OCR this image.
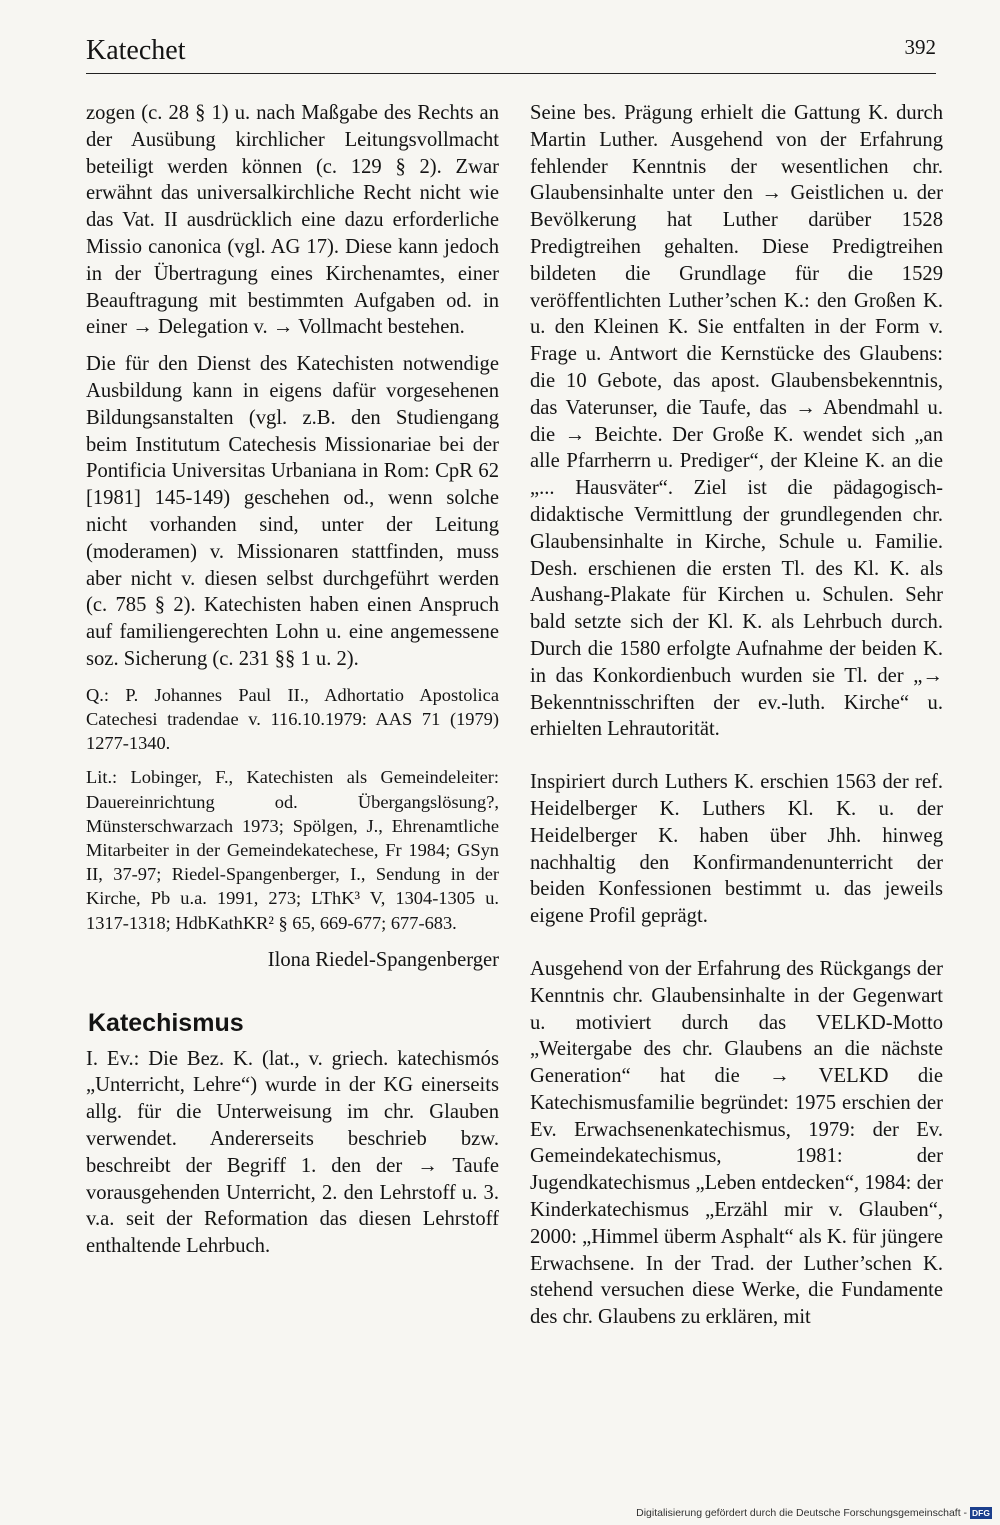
Katechet	392

zogen (c. 28 § 1) u. nach Maßgabe des Rechts an der Ausübung kirchlicher Leitungsvollmacht beteiligt werden können (c. 129 § 2). Zwar erwähnt das universalkirchliche Recht nicht wie das Vat. II ausdrücklich eine dazu erforderliche Missio canonica (vgl. AG 17). Diese kann jedoch in der Übertragung eines Kirchenamtes, einer Beauftragung mit bestimmten Aufgaben od. in einer → Delegation v. → Vollmacht bestehen.

Die für den Dienst des Katechisten notwendige Ausbildung kann in eigens dafür vorgesehenen Bildungsanstalten (vgl. z.B. den Studiengang beim Institutum Catechesis Missionariae bei der Pontificia Universitas Urbaniana in Rom: CpR 62 [1981] 145-149) geschehen od., wenn solche nicht vorhanden sind, unter der Leitung (moderamen) v. Missionaren stattfinden, muss aber nicht v. diesen selbst durchgeführt werden (c. 785 § 2). Katechisten haben einen Anspruch auf familiengerechten Lohn u. eine angemessene soz. Sicherung (c. 231 §§ 1 u. 2).

Q.: P. Johannes Paul II., Adhortatio Apostolica Catechesi tradendae v. 116.10.1979: AAS 71 (1979) 1277-1340.

Lit.: Lobinger, F., Katechisten als Gemeindeleiter: Dauereinrichtung od. Übergangslösung?, Münsterschwarzach 1973; Spölgen, J., Ehrenamtliche Mitarbeiter in der Gemeindekatechese, Fr 1984; GSyn II, 37-97; Riedel-Spangenberger, I., Sendung in der Kirche, Pb u.a. 1991, 273; LThK³ V, 1304-1305 u. 1317-1318; HdbKathKR² § 65, 669-677; 677-683.

Ilona Riedel-Spangenberger

Katechismus

I. Ev.: Die Bez. K. (lat., v. griech. katechismós „Unterricht, Lehre“) wurde in der KG einerseits allg. für die Unterweisung im chr. Glauben verwendet. Andererseits beschrieb bzw. beschreibt der Begriff 1. den der → Taufe vorausgehenden Unterricht, 2. den Lehrstoff u. 3. v.a. seit der Reformation das diesen Lehrstoff enthaltende Lehrbuch.

Seine bes. Prägung erhielt die Gattung K. durch Martin Luther. Ausgehend von der Erfahrung fehlender Kenntnis der wesentlichen chr. Glaubensinhalte unter den → Geistlichen u. der Bevölkerung hat Luther darüber 1528 Predigtreihen gehalten. Diese Predigtreihen bildeten die Grundlage für die 1529 veröffentlichten Luther’schen K.: den Großen K. u. den Kleinen K. Sie entfalten in der Form v. Frage u. Antwort die Kernstücke des Glaubens: die 10 Gebote, das apost. Glaubensbekenntnis, das Vaterunser, die Taufe, das → Abendmahl u. die → Beichte. Der Große K. wendet sich „an alle Pfarrherrn u. Prediger“, der Kleine K. an die „... Hausväter“. Ziel ist die pädagogisch-didaktische Vermittlung der grundlegenden chr. Glaubensinhalte in Kirche, Schule u. Familie. Desh. erschienen die ersten Tl. des Kl. K. als Aushang-Plakate für Kirchen u. Schulen. Sehr bald setzte sich der Kl. K. als Lehrbuch durch. Durch die 1580 erfolgte Aufnahme der beiden K. in das Konkordienbuch wurden sie Tl. der „→ Bekenntnisschriften der ev.-luth. Kirche“ u. erhielten Lehrautorität.

Inspiriert durch Luthers K. erschien 1563 der ref. Heidelberger K. Luthers Kl. K. u. der Heidelberger K. haben über Jhh. hinweg nachhaltig den Konfirmandenunterricht der beiden Konfessionen bestimmt u. das jeweils eigene Profil geprägt.

Ausgehend von der Erfahrung des Rückgangs der Kenntnis chr. Glaubensinhalte in der Gegenwart u. motiviert durch das VELKD-Motto „Weitergabe des chr. Glaubens an die nächste Generation“ hat die → VELKD die Katechismusfamilie begründet: 1975 erschien der Ev. Erwachsenenkatechismus, 1979: der Ev. Gemeindekatechismus, 1981: der Jugendkatechismus „Leben entdecken“, 1984: der Kinderkatechismus „Erzähl mir v. Glauben“, 2000: „Himmel überm Asphalt“ als K. für jüngere Erwachsene. In der Trad. der Luther’schen K. stehend versuchen diese Werke, die Fundamente des chr. Glaubens zu erklären, mit

Digitalisierung gefördert durch die Deutsche Forschungsgemeinschaft - DFG
